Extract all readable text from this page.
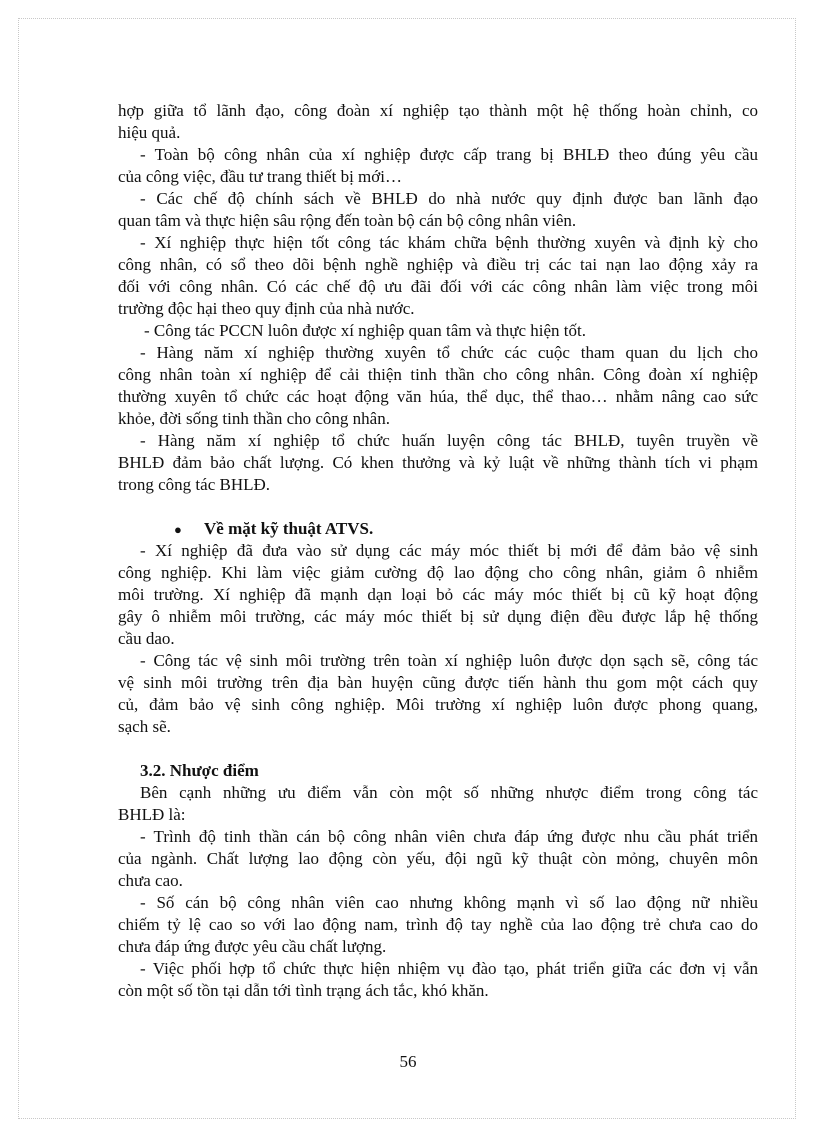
hợp giữa tổ lãnh đạo, công đoàn xí nghiệp tạo thành một hệ thống hoàn chỉnh, co
hiệu quả.
- Toàn bộ công nhân của xí nghiệp được cấp trang bị BHLĐ theo đúng yêu cầu
của công việc, đầu tư trang thiết bị mới…
- Các chế độ chính sách về BHLĐ do nhà nước quy định được ban lãnh đạo
quan tâm và thực hiện sâu rộng đến toàn bộ cán bộ công nhân viên.
- Xí nghiệp thực hiện tốt công tác khám chữa bệnh thường xuyên và định kỳ cho
công nhân, có sổ theo dõi bệnh nghề nghiệp và điều trị các tai nạn lao động xảy ra
đối với công nhân. Có các chế độ ưu đãi đối với các công nhân làm việc trong môi
trường độc hại theo quy định của nhà nước.
- Công tác PCCN luôn được xí nghiệp quan tâm và thực hiện tốt.
- Hàng năm xí nghiệp thường xuyên tổ chức các cuộc tham quan du lịch cho
công nhân toàn xí nghiệp để cải thiện tinh thần cho công nhân. Công đoàn xí nghiệp
thường xuyên tổ chức các hoạt động văn húa, thể dục, thể thao… nhằm nâng cao sức
khỏe, đời sống tinh thần cho công nhân.
- Hàng năm xí nghiệp tổ chức huấn luyện công tác BHLĐ, tuyên truyền về
BHLĐ đảm bảo chất lượng. Có khen thưởng và kỷ luật về những thành tích vi phạm
trong công tác BHLĐ.
● Về mặt kỹ thuật ATVS.
- Xí nghiệp đã đưa vào sử dụng các máy móc thiết bị mới để đảm bảo vệ sinh
công nghiệp. Khi làm việc giảm cường độ lao động cho công nhân, giảm ô nhiễm
môi trường. Xí nghiệp đã mạnh dạn loại bỏ các máy móc thiết bị cũ kỹ hoạt động
gây ô nhiễm môi trường, các máy móc thiết bị sử dụng điện đều được lắp hệ thống
cầu dao.
- Công tác vệ sinh môi trường trên toàn xí nghiệp luôn được dọn sạch sẽ, công tác
vệ sinh môi trường trên địa bàn huyện cũng được tiến hành thu gom một cách quy
củ, đảm bảo vệ sinh công nghiệp. Môi trường xí nghiệp luôn được phong quang,
sạch sẽ.
3.2. Nhược điểm
Bên cạnh những ưu điểm vẫn còn một số những nhược điểm trong công tác
BHLĐ là:
- Trình độ tinh thần cán bộ công nhân viên chưa đáp ứng được nhu cầu phát triển
của ngành. Chất lượng lao động còn yếu, đội ngũ kỹ thuật còn mỏng, chuyên môn
chưa cao.
- Số cán bộ công nhân viên cao nhưng không mạnh vì số lao động nữ nhiều
chiếm tỷ lệ cao so với lao động nam, trình độ tay nghề của lao động trẻ chưa cao do
chưa đáp ứng được yêu cầu chất lượng.
- Việc phối hợp tổ chức thực hiện nhiệm vụ đào tạo, phát triển giữa các đơn vị vẫn
còn một số tồn tại dẫn tới tình trạng ách tắc, khó khăn.
56
